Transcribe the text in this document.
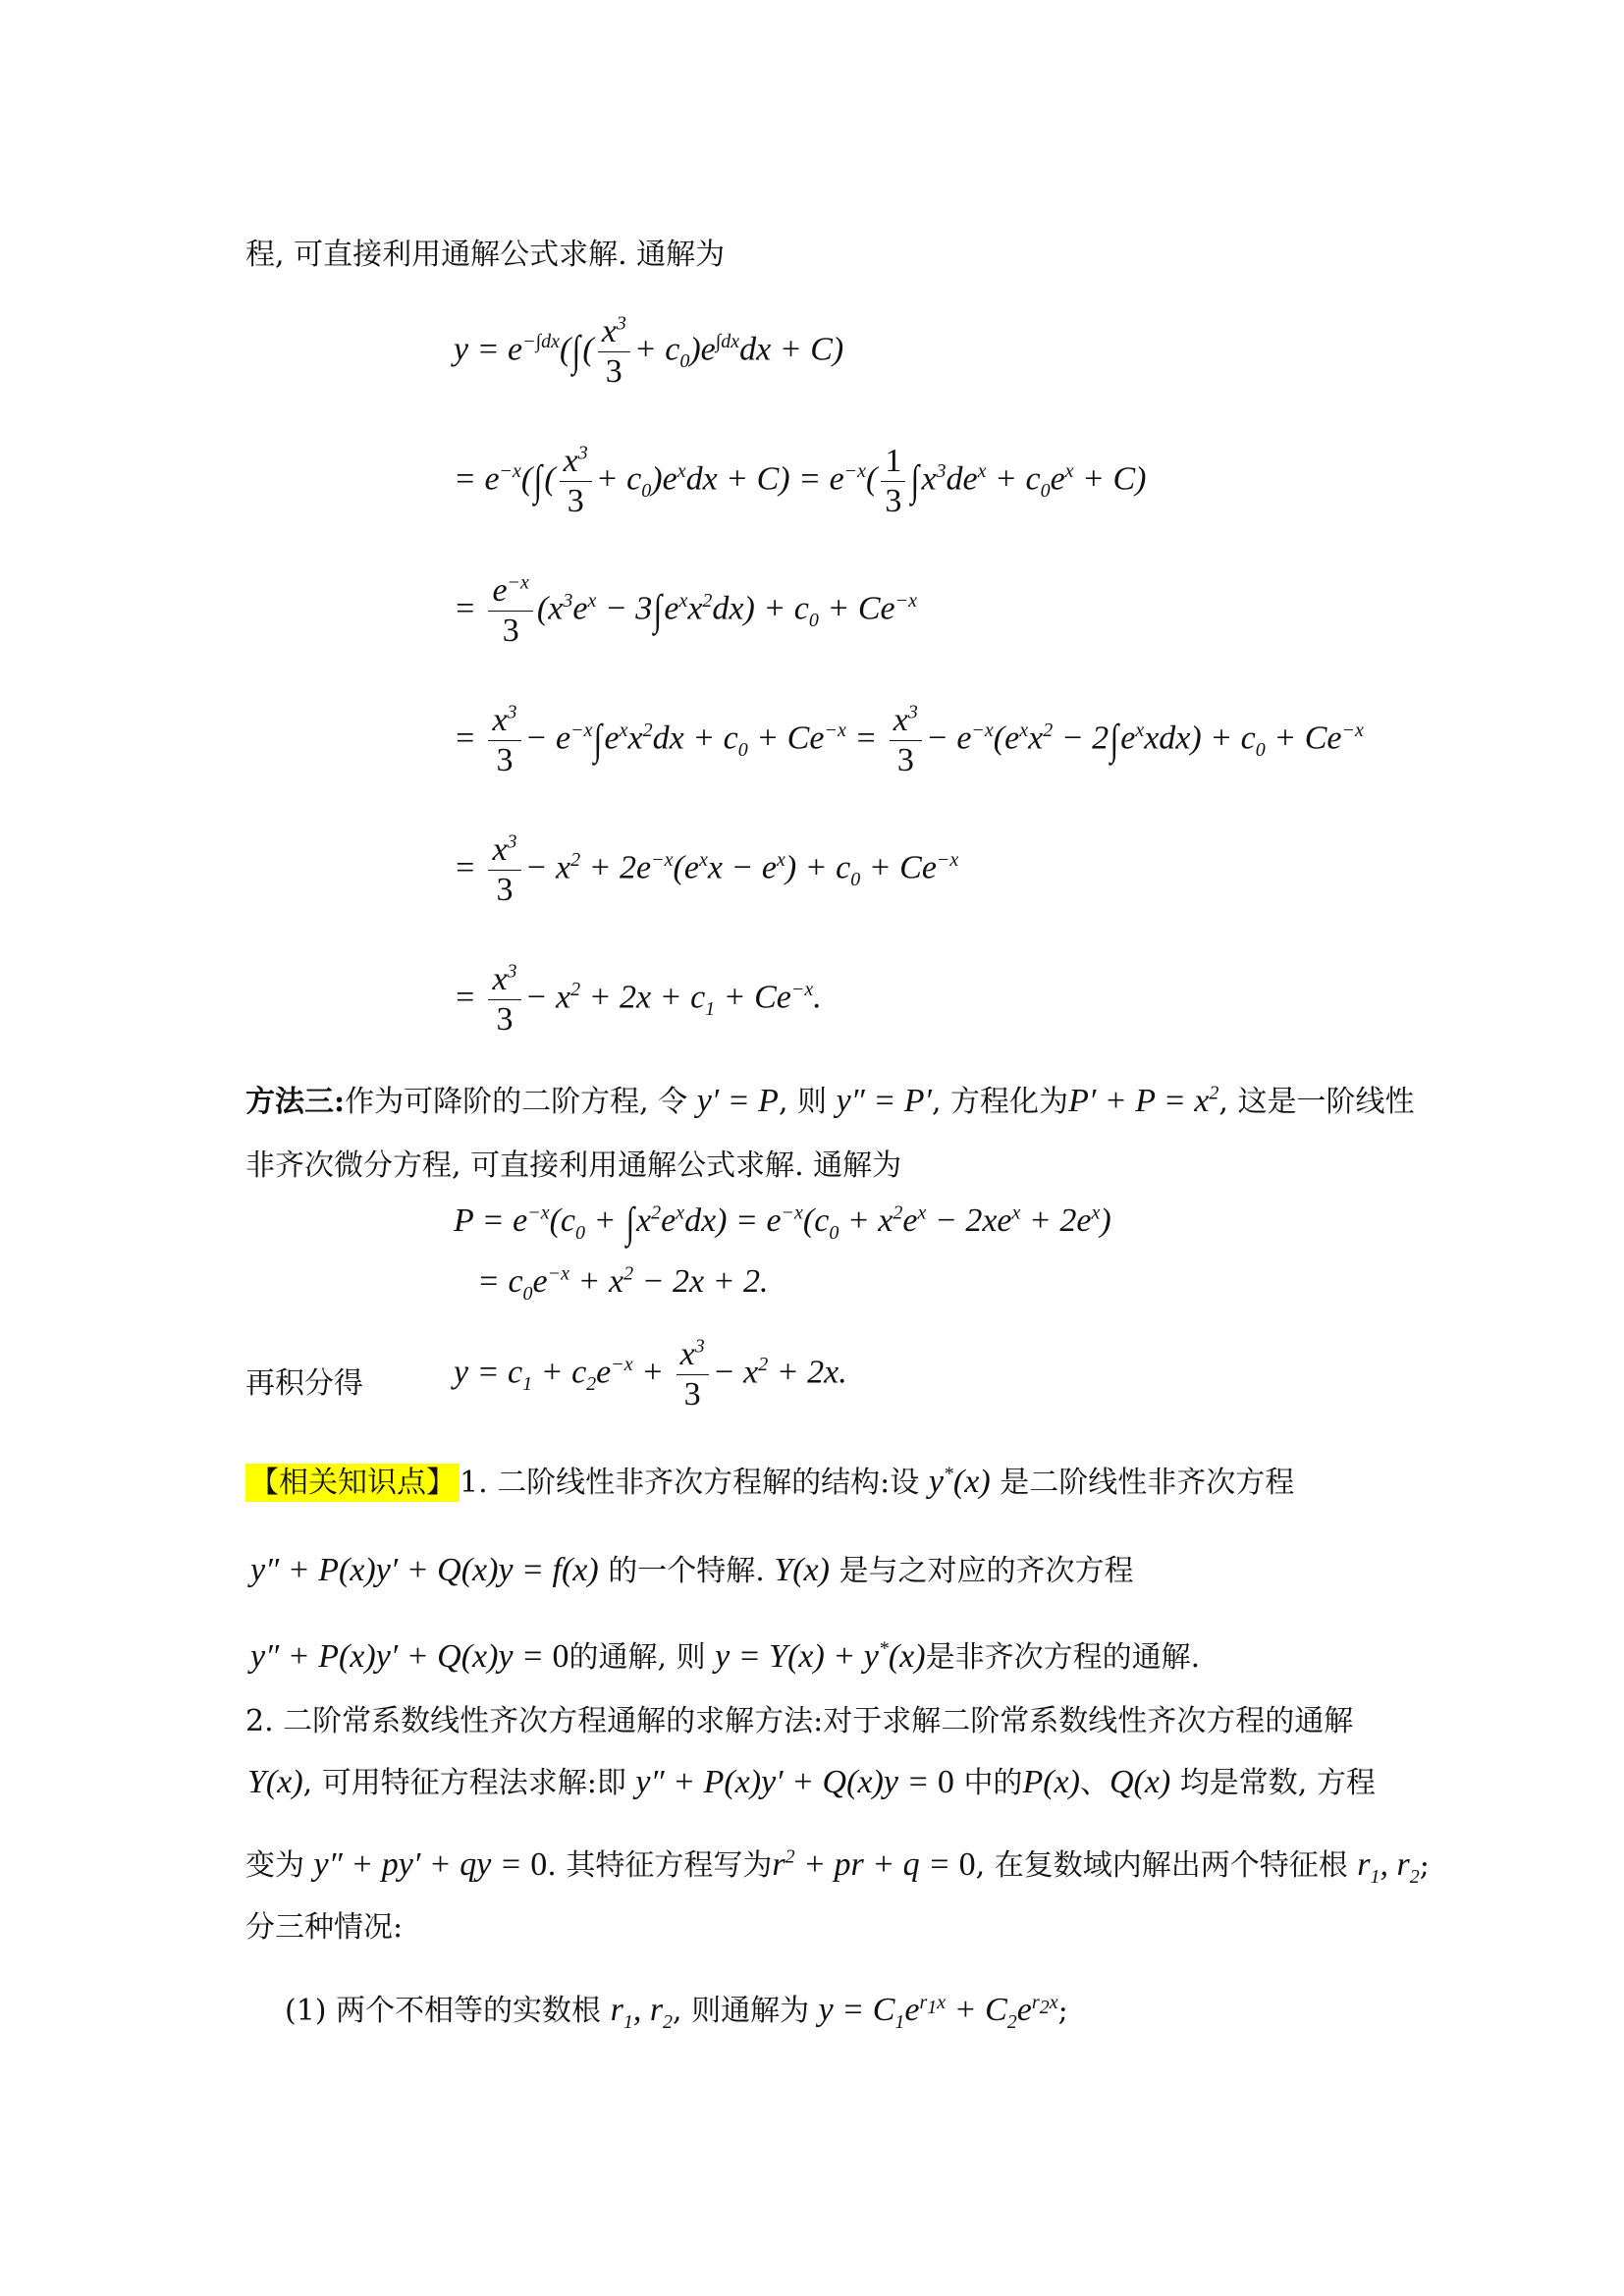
程, 可直接利用通解公式求解. 通解为
$y = e^{-\int dx}(\int( \frac{x^3}{3} + c_0)e^{\int dx}dx + C)$
= $e^{-x}(\int( \frac{x^3}{3} + c_0)e^xdx + C) = e^{-x}( \frac{1}{3} \int x^3de^x + c_0e^x + C)$
= $\frac{e^{-x}}{3} (x^3e^x - 3\int e^xx^2dx) + c_0 + Ce^{-x}$
= $\frac{x^3}{3} - e^{-x}\int e^xx^2dx + c_0 + Ce^{-x} = \frac{x^3}{3} - e^{-x}(e^xx^2 - 2\int e^xxdx) + c_0 + Ce^{-x}$
= $\frac{x^3}{3} - x^2 + 2e^{-x}(e^xx - e^x) + c_0 + Ce^{-x}$
= $\frac{x^3}{3} - x^2 + 2x + c_1 + Ce^{-x}$.
方法三:作为可降阶的二阶方程, 令 y′ = P, 则 y″ = P′, 方程化为$P' + P = x^2$, 这是一阶线性
非齐次微分方程, 可直接利用通解公式求解. 通解为
$P = e^{-x}(c_0 + \int x^2e^xdx) = e^{-x}(c_0 + x^2e^x - 2xe^x + 2e^x)$
= $c_0e^{-x} + x^2 - 2x + 2$.
再积分得	$y = c_1 + c_2e^{-x} + \frac{x^3}{3} - x^2 + 2x$.
【相关知识点】 1. 二阶线性非齐次方程解的结构:设 y*(x) 是二阶线性非齐次方程
y″ + P(x)y′ + Q(x)y = f(x) 的一个特解. Y(x) 是与之对应的齐次方程
y″ + P(x)y′ + Q(x)y = 0的通解, 则 y = Y(x) + y*(x)是非齐次方程的通解.
2. 二阶常系数线性齐次方程通解的求解方法:对于求解二阶常系数线性齐次方程的通解
Y(x), 可用特征方程法求解:即 y″ + P(x)y′ + Q(x)y = 0 中的P(x)、Q(x) 均是常数, 方程
变为 y″ + py′ + qy = 0. 其特征方程写为$r^2$ + pr + q = 0, 在复数域内解出两个特征根 $r_1$, $r_2$;
分三种情况:
(1) 两个不相等的实数根 $r_1$, $r_2$, 则通解为 $y = C_1e^{r_1x} + C_2e^{r_2x}$;
